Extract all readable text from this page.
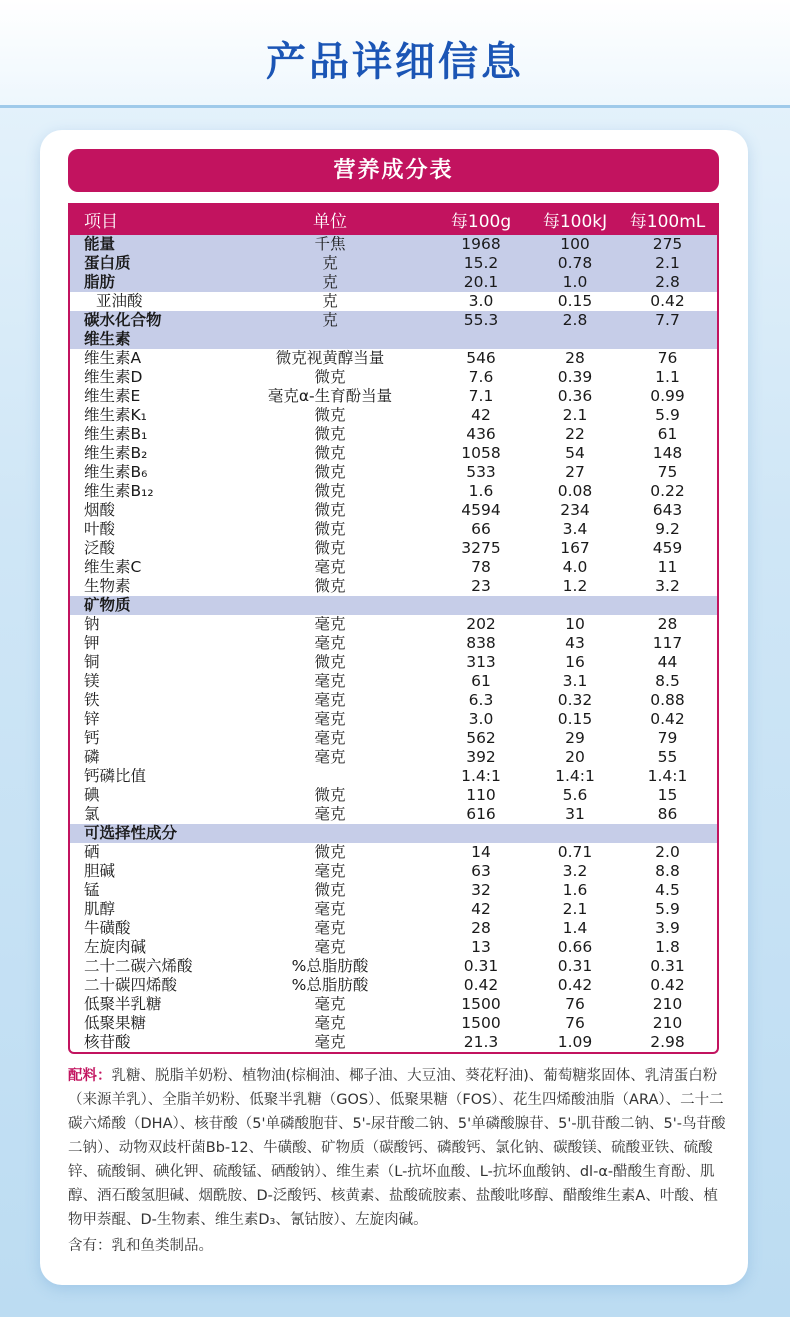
产品详细信息
营养成分表
项目	单位	每100g	每100kJ	每100mL
能量	千焦	1968	100	275
蛋白质	克	15.2	0.78	2.1
脂肪	克	20.1	1.0	2.8
亚油酸	克	3.0	0.15	0.42
碳水化合物	克	55.3	2.8	7.7
维生素				
维生素A	微克视黄醇当量	546	28	76
维生素D	微克	7.6	0.39	1.1
维生素E	毫克α-生育酚当量	7.1	0.36	0.99
维生素K₁	微克	42	2.1	5.9
维生素B₁	微克	436	22	61
维生素B₂	微克	1058	54	148
维生素B₆	微克	533	27	75
维生素B₁₂	微克	1.6	0.08	0.22
烟酸	微克	4594	234	643
叶酸	微克	66	3.4	9.2
泛酸	微克	3275	167	459
维生素C	毫克	78	4.0	11
生物素	微克	23	1.2	3.2
矿物质				
钠	毫克	202	10	28
钾	毫克	838	43	117
铜	微克	313	16	44
镁	毫克	61	3.1	8.5
铁	毫克	6.3	0.32	0.88
锌	毫克	3.0	0.15	0.42
钙	毫克	562	29	79
磷	毫克	392	20	55
钙磷比值		1.4:1	1.4:1	1.4:1
碘	微克	110	5.6	15
氯	毫克	616	31	86
可选择性成分				
硒	微克	14	0.71	2.0
胆碱	毫克	63	3.2	8.8
锰	微克	32	1.6	4.5
肌醇	毫克	42	2.1	5.9
牛磺酸	毫克	28	1.4	3.9
左旋肉碱	毫克	13	0.66	1.8
二十二碳六烯酸	%总脂肪酸	0.31	0.31	0.31
二十碳四烯酸	%总脂肪酸	0.42	0.42	0.42
低聚半乳糖	毫克	1500	76	210
低聚果糖	毫克	1500	76	210
核苷酸	毫克	21.3	1.09	2.98
配料：乳糖、脱脂羊奶粉、植物油(棕榈油、椰子油、大豆油、葵花籽油)、葡萄糖浆固体、乳清蛋白粉（来源羊乳）、全脂羊奶粉、低聚半乳糖（GOS）、低聚果糖（FOS）、花生四烯酸油脂（ARA）、二十二碳六烯酸（DHA）、核苷酸（5'单磷酸胞苷、5'-尿苷酸二钠、5'单磷酸腺苷、5'-肌苷酸二钠、5'-鸟苷酸二钠）、动物双歧杆菌Bb-12、牛磺酸、矿物质（碳酸钙、磷酸钙、氯化钠、碳酸镁、硫酸亚铁、硫酸锌、硫酸铜、碘化钾、硫酸锰、硒酸钠）、维生素（L-抗坏血酸、L-抗坏血酸钠、dl-α-醋酸生育酚、肌醇、酒石酸氢胆碱、烟酰胺、D-泛酸钙、核黄素、盐酸硫胺素、盐酸吡哆醇、醋酸维生素A、叶酸、植物甲萘醌、D-生物素、维生素D₃、氰钴胺）、左旋肉碱。
含有：乳和鱼类制品。
